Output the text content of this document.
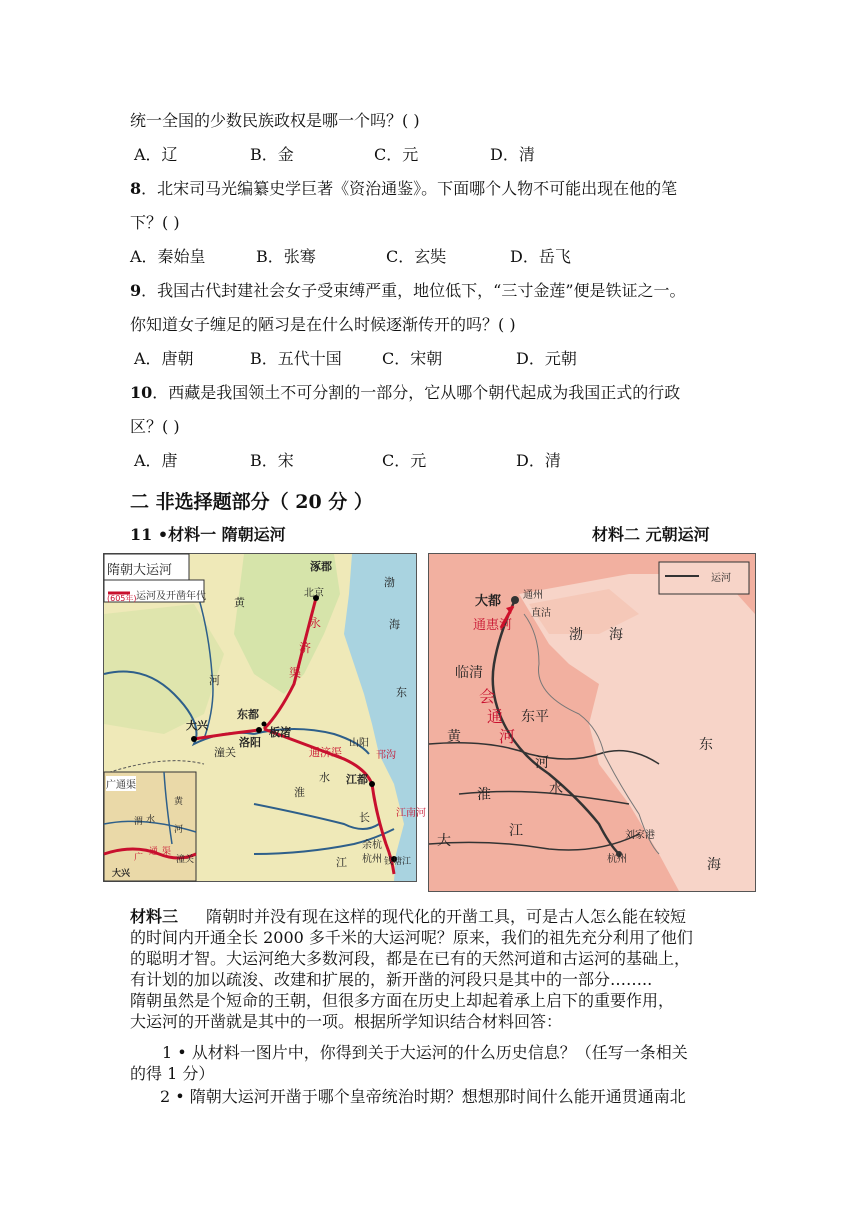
统一全国的少数民族政权是哪一个吗？( )
A．辽	B．金	C．元	D．清
8．北宋司马光编纂史学巨著《资治通鉴》。下面哪个人物不可能出现在他的笔
下？( )
A．秦始皇	B．张骞	C．玄奘	D．岳飞
9．我国古代封建社会女子受束缚严重，地位低下，“三寸金莲”便是铁证之一。
你知道女子缠足的陋习是在什么时候逐渐传开的吗？( )
A．唐朝	B．五代十国	C．宋朝	D．元朝
10．西藏是我国领土不可分割的一部分，它从哪个朝代起成为我国正式的行政
区？( )
A．唐	B．宋	C．元	D．清
二 非选择题部分（ 20 分 ）
11 •材料一 隋朝运河	材料二 元朝运河
隋朝大运河
(605年) 运河及开凿年代
涿郡
北京
渤
海
黄
河
永
济
渠
大兴
东都
洛阳
板渚
潼关	通济渠
山阳
邗沟
江都
余杭
杭州
江南河
钱塘江
东
淮
水
长
江
广通渠
黄
河
渭 水
大兴
广
通 渠
潼关
运河
大都 通州
直沽
通惠河
渤 海
临清
会
通
河
东平
黄
河
淮	水
大
江	刘家港
杭州
东
海
材料三 隋朝时并没有现在这样的现代化的开凿工具，可是古人怎么能在较短
的时间内开通全长 2000 多千米的大运河呢？原来，我们的祖先充分利用了他们
的聪明才智。大运河绝大多数河段，都是在已有的天然河道和古运河的基础上，
有计划的加以疏浚、改建和扩展的，新开凿的河段只是其中的一部分……..
隋朝虽然是个短命的王朝，但很多方面在历史上却起着承上启下的重要作用，
大运河的开凿就是其中的一项。根据所学知识结合材料回答：
1 • 从材料一图片中，你得到关于大运河的什么历史信息？（任写一条相关
的得 1 分）
2 • 隋朝大运河开凿于哪个皇帝统治时期？想想那时间什么能开通贯通南北
